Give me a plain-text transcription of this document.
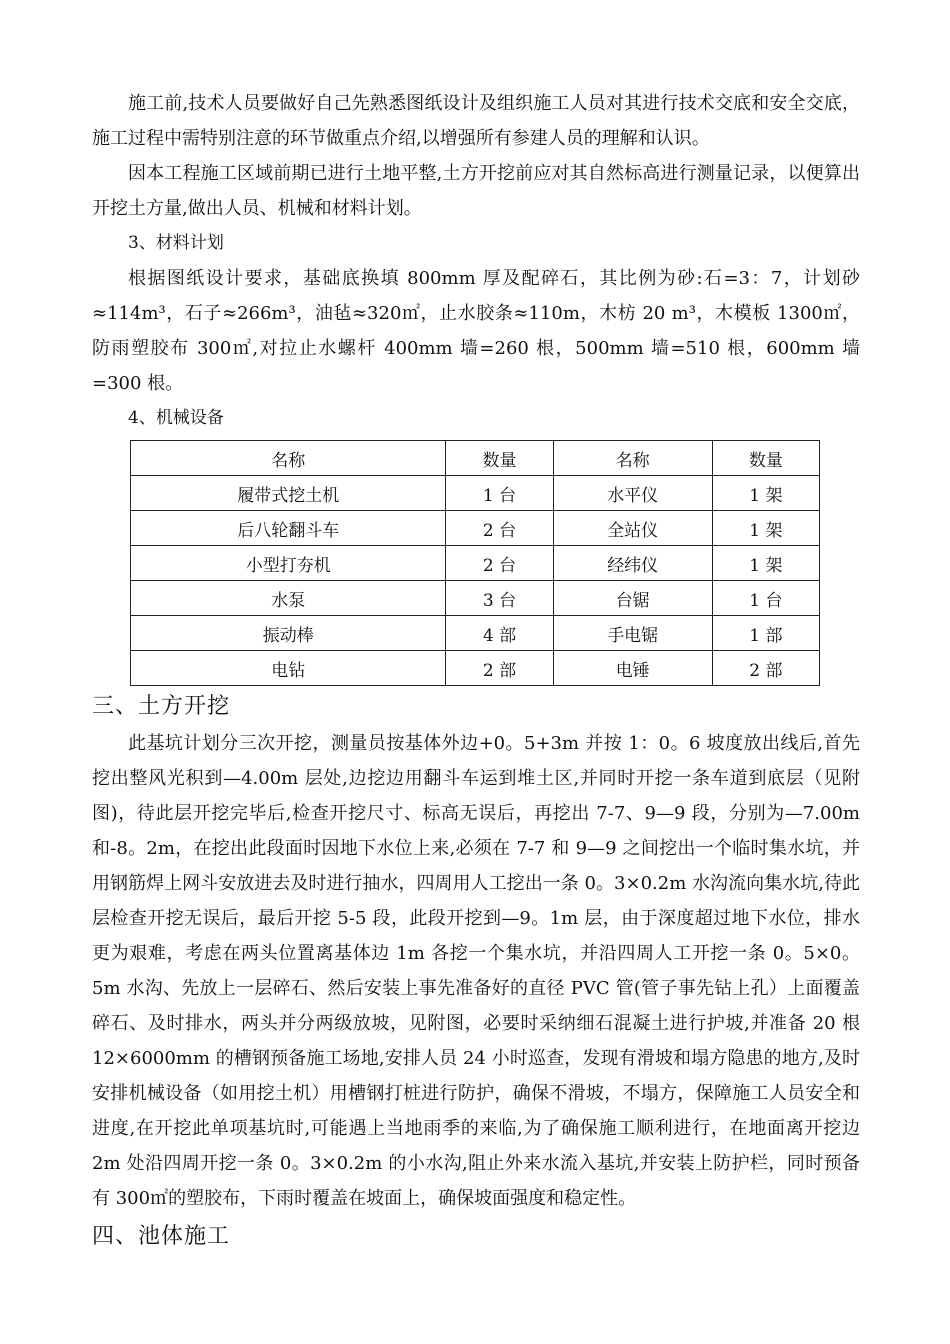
施工前,技术人员要做好自己先熟悉图纸设计及组织施工人员对其进行技术交底和安全交底，施工过程中需特别注意的环节做重点介绍,以增强所有参建人员的理解和认识。

因本工程施工区域前期已进行土地平整,土方开挖前应对其自然标高进行测量记录，以便算出开挖土方量,做出人员、机械和材料计划。

3、材料计划

根据图纸设计要求，基础底换填 800mm 厚及配碎石，其比例为砂:石=3：7，计划砂≈114m³，石子≈266m³，油毡≈320㎡，止水胶条≈110m，木枋 20 m³，木模板 1300㎡，防雨塑胶布 300㎡,对拉止水螺杆 400mm 墙=260 根，500mm 墙=510 根，600mm 墙=300 根。

4、机械设备

名称	数量	名称	数量
履带式挖土机	1 台	水平仪	1 架
后八轮翻斗车	2 台	全站仪	1 架
小型打夯机	2 台	经纬仪	1 架
水泵	3 台	台锯	1 台
振动棒	4 部	手电锯	1 部
电钻	2 部	电锤	2 部
三、土方开挖

此基坑计划分三次开挖，测量员按基体外边+0。5+3m 并按 1：0。6 坡度放出线后,首先挖出整风光积到—4.00m 层处,边挖边用翻斗车运到堆土区,并同时开挖一条车道到底层（见附图)，待此层开挖完毕后,检查开挖尺寸、标高无误后，再挖出 7-7、9—9 段，分别为—7.00m 和-8。2m，在挖出此段面时因地下水位上来,必须在 7-7 和 9—9 之间挖出一个临时集水坑，并用钢筋焊上网斗安放进去及时进行抽水，四周用人工挖出一条 0。3×0.2m 水沟流向集水坑,待此层检查开挖无误后，最后开挖 5-5 段，此段开挖到—9。1m 层，由于深度超过地下水位，排水更为艰难，考虑在两头位置离基体边 1m 各挖一个集水坑，并沿四周人工开挖一条 0。5×0。5m 水沟、先放上一层碎石、然后安装上事先准备好的直径 PVC 管(管子事先钻上孔）上面覆盖碎石、及时排水，两头并分两级放坡，见附图，必要时采纳细石混凝土进行护坡,并准备 20 根 12×6000mm 的槽钢预备施工场地,安排人员 24 小时巡查，发现有滑坡和塌方隐患的地方,及时安排机械设备（如用挖土机）用槽钢打桩进行防护，确保不滑坡，不塌方，保障施工人员安全和进度,在开挖此单项基坑时,可能遇上当地雨季的来临,为了确保施工顺利进行，在地面离开挖边 2m 处沿四周开挖一条 0。3×0.2m 的小水沟,阻止外来水流入基坑,并安装上防护栏，同时预备有 300㎡的塑胶布，下雨时覆盖在坡面上，确保坡面强度和稳定性。

四、池体施工
